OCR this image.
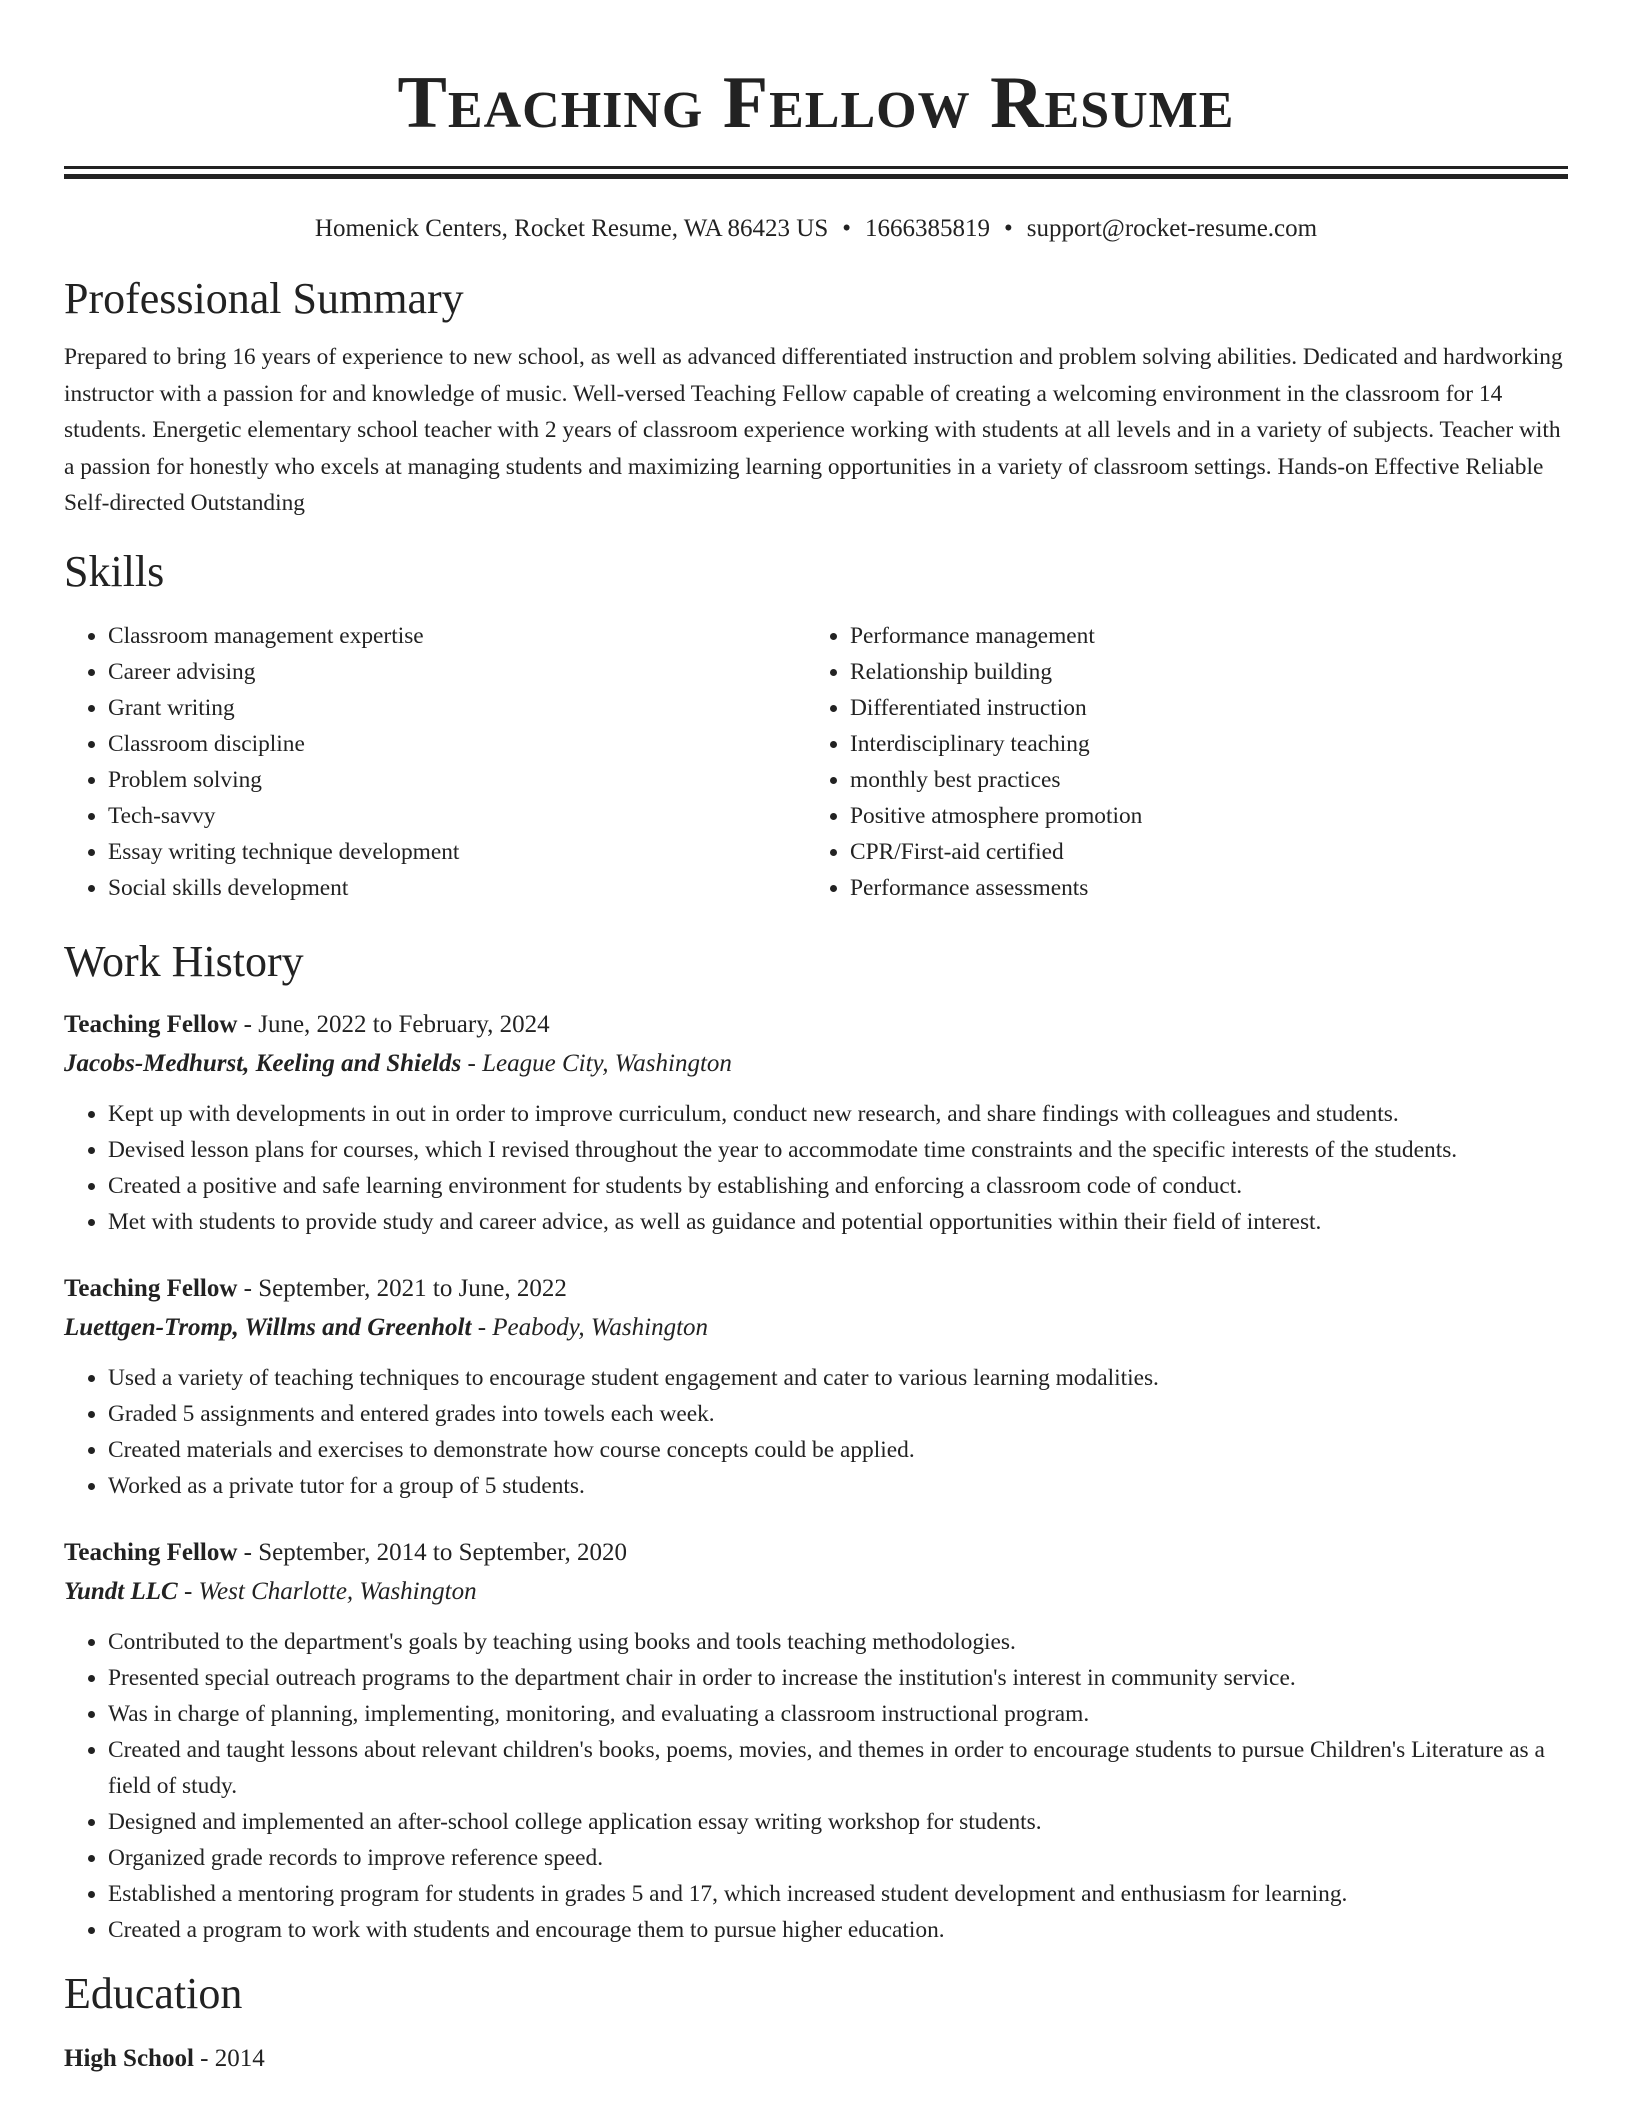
Teaching Fellow Resume
Homenick Centers, Rocket Resume, WA 86423 US • 1666385819 • support@rocket-resume.com
Professional Summary
Prepared to bring 16 years of experience to new school, as well as advanced differentiated instruction and problem solving abilities. Dedicated and hardworking instructor with a passion for and knowledge of music. Well-versed Teaching Fellow capable of creating a welcoming environment in the classroom for 14 students. Energetic elementary school teacher with 2 years of classroom experience working with students at all levels and in a variety of subjects. Teacher with a passion for honestly who excels at managing students and maximizing learning opportunities in a variety of classroom settings. Hands-on Effective Reliable Self-directed Outstanding
Skills
• Classroom management expertise
• Career advising
• Grant writing
• Classroom discipline
• Problem solving
• Tech-savvy
• Essay writing technique development
• Social skills development
• Performance management
• Relationship building
• Differentiated instruction
• Interdisciplinary teaching
• monthly best practices
• Positive atmosphere promotion
• CPR/First-aid certified
• Performance assessments
Work History
Teaching Fellow - June, 2022 to February, 2024
Jacobs-Medhurst, Keeling and Shields - League City, Washington
• Kept up with developments in out in order to improve curriculum, conduct new research, and share findings with colleagues and students.
• Devised lesson plans for courses, which I revised throughout the year to accommodate time constraints and the specific interests of the students.
• Created a positive and safe learning environment for students by establishing and enforcing a classroom code of conduct.
• Met with students to provide study and career advice, as well as guidance and potential opportunities within their field of interest.
Teaching Fellow - September, 2021 to June, 2022
Luettgen-Tromp, Willms and Greenholt - Peabody, Washington
• Used a variety of teaching techniques to encourage student engagement and cater to various learning modalities.
• Graded 5 assignments and entered grades into towels each week.
• Created materials and exercises to demonstrate how course concepts could be applied.
• Worked as a private tutor for a group of 5 students.
Teaching Fellow - September, 2014 to September, 2020
Yundt LLC - West Charlotte, Washington
• Contributed to the department's goals by teaching using books and tools teaching methodologies.
• Presented special outreach programs to the department chair in order to increase the institution's interest in community service.
• Was in charge of planning, implementing, monitoring, and evaluating a classroom instructional program.
• Created and taught lessons about relevant children's books, poems, movies, and themes in order to encourage students to pursue Children's Literature as a field of study.
• Designed and implemented an after-school college application essay writing workshop for students.
• Organized grade records to improve reference speed.
• Established a mentoring program for students in grades 5 and 17, which increased student development and enthusiasm for learning.
• Created a program to work with students and encourage them to pursue higher education.
Education
High School - 2014
